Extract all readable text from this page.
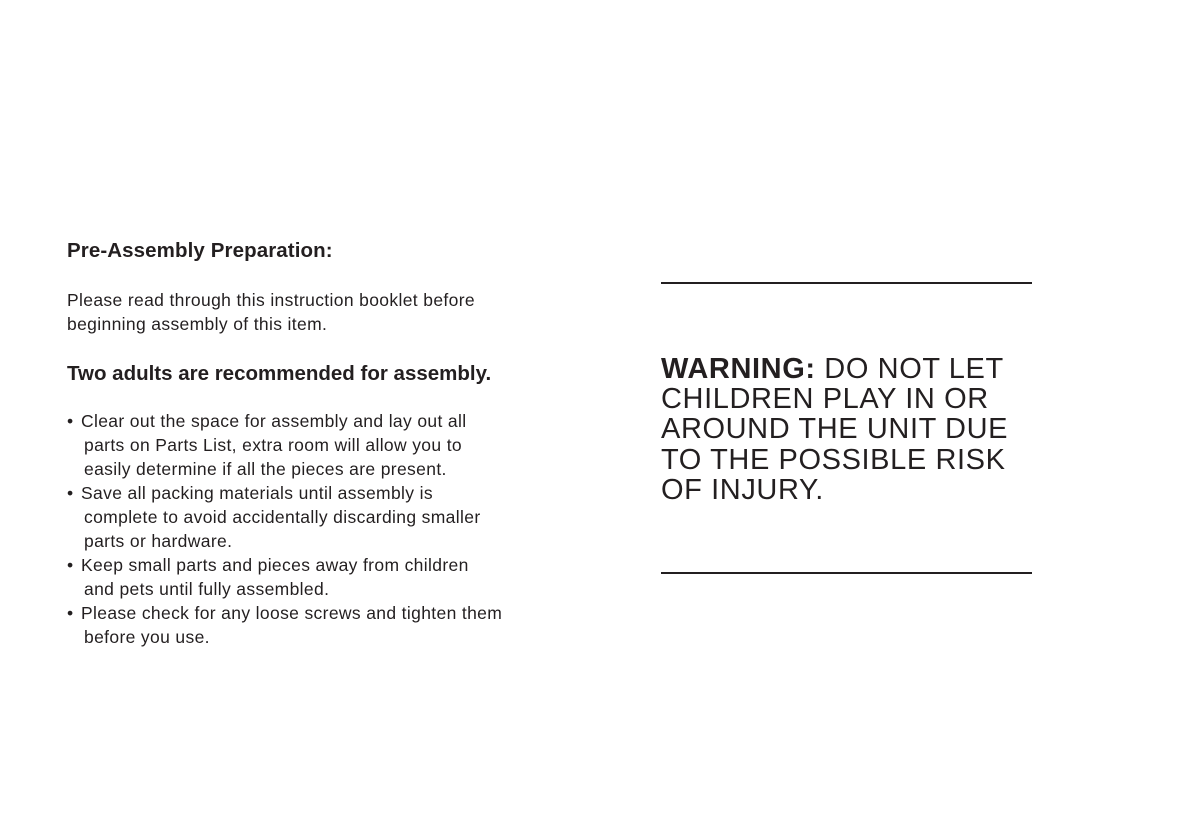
Pre-Assembly Preparation:

Please read through this instruction booklet before
beginning assembly of this item.

Two adults are recommended for assembly.

• Clear out the space for assembly and lay out all
parts on Parts List, extra room will allow you to
easily determine if all the pieces are present.
• Save all packing materials until assembly is
complete to avoid accidentally discarding smaller
parts or hardware.
• Keep small parts and pieces away from children
and pets until fully assembled.
• Please check for any loose screws and tighten them
before you use.

WARNING: DO NOT LET
CHILDREN PLAY IN OR
AROUND THE UNIT DUE
TO THE POSSIBLE RISK
OF INJURY.
